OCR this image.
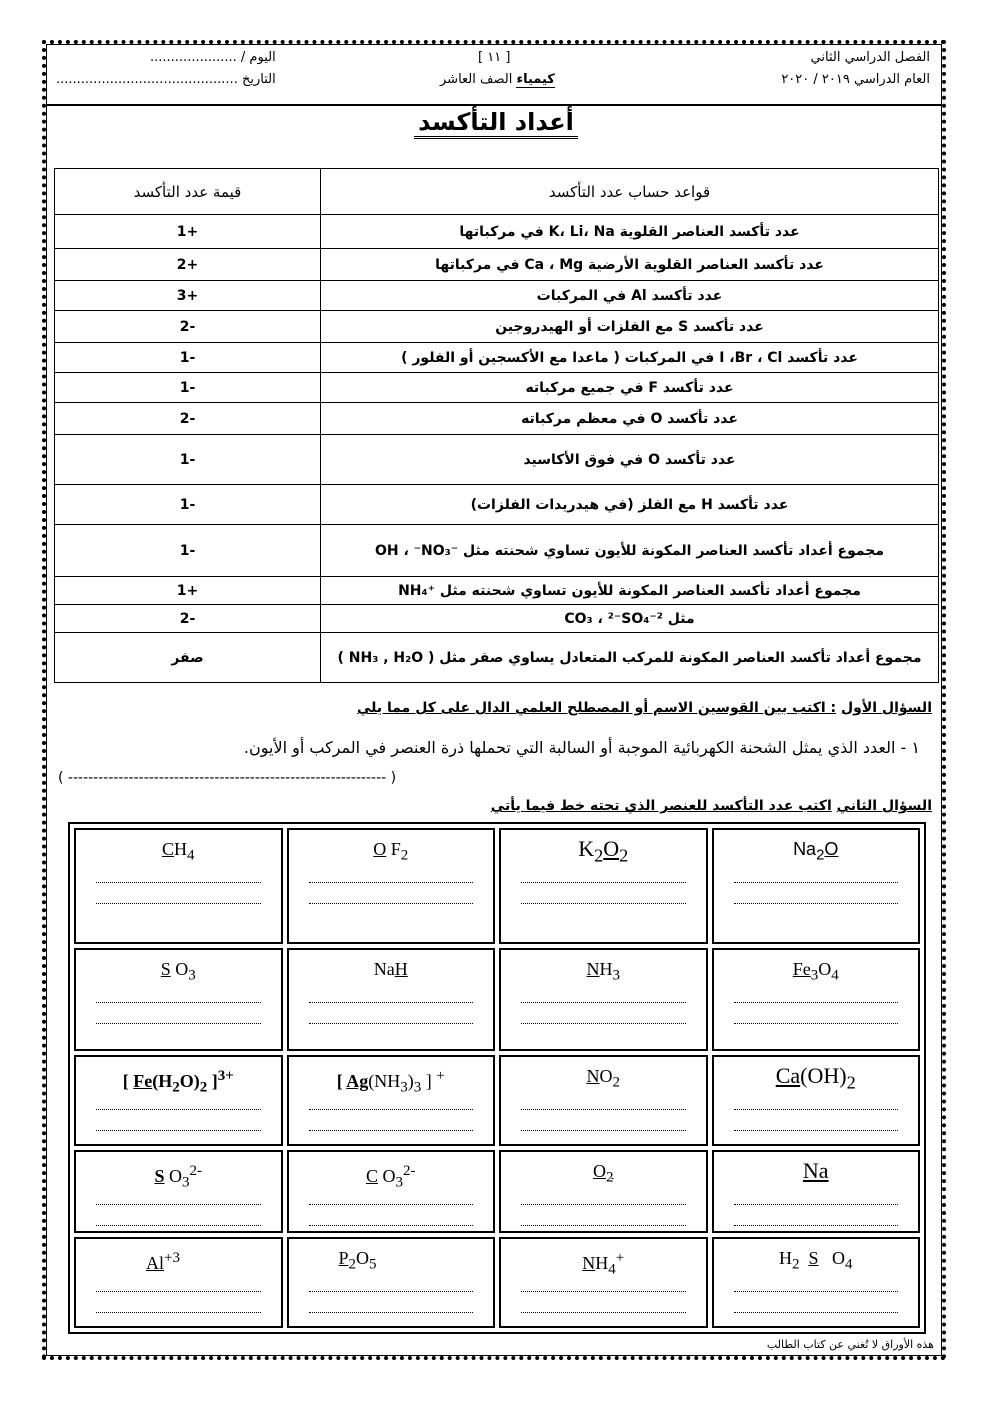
الفصل الدراسي الثاني
العام الدراسي ٢٠١٩ / ٢٠٢٠
[ ١١ ]
كيمياء الصف العاشر
اليوم / .....................
التاريخ ............................................
أعداد التأكسد
قواعد حساب عدد التأكسد	قيمة عدد التأكسد
عدد تأكسد العناصر القلوية K، Li، Na في مركباتها	+1
عدد تأكسد العناصر القلوية الأرضية Ca ، Mg في مركباتها	+2
عدد تأكسد Al في المركبات	+3
عدد تأكسد S مع الفلزات أو الهيدروجين	-2
عدد تأكسد I ،Br ، Cl في المركبات ( ماعدا مع الأكسجين أو الفلور )	-1
عدد تأكسد F في جميع مركباته	-1
عدد تأكسد O في معظم مركباته	-2
عدد تأكسد O في فوق الأكاسيد	-1
عدد تأكسد H مع الفلز (في هيدريدات الفلزات)	-1
مجموع أعداد تأكسد العناصر المكونة للأيون تساوي شحنته مثل ⁻OH ، ⁻NO₃	-1
مجموع أعداد تأكسد العناصر المكونة للأيون تساوي شحنته مثل ⁺NH₄	+1
مثل ²⁻CO₃ ، ²⁻SO₄	-2
مجموع أعداد تأكسد العناصر المكونة للمركب المتعادل يساوي صفر مثل ( NH₃ , H₂O )	صفر
السؤال الأول : اكتب بين القوسين الاسم أو المصطلح العلمي الدال على كل مما يلي
١ - العدد الذي يمثل الشحنة الكهربائية الموجبة أو السالبة التي تحملها ذرة العنصر في المركب أو الأيون.
( --------------------------------------------------------------- )
السؤال الثاني اكتب عدد التأكسد للعنصر الذي تحته خط فيما يأتي
$CH_4$	O $F_2$	$K_2O_2$	$Na_2O$

S $O_3$	NaH	$NH_3$	$Fe_3O_4$

[ $Fe(H_2O)_2$ ]$^{3+}$	[ $Ag(NH_3)_3$ ] +	$NO_2$	$Ca(OH)_2$

S $O_3^{2-}$	C $O_3^{2-}$	$O_2$	Na

$Al^{+3}$	$P_2O_5$	$NH_4^+$	$H_2$ S   $O_4$
هذه الأوراق لا تُغني عن كتاب الطالب
